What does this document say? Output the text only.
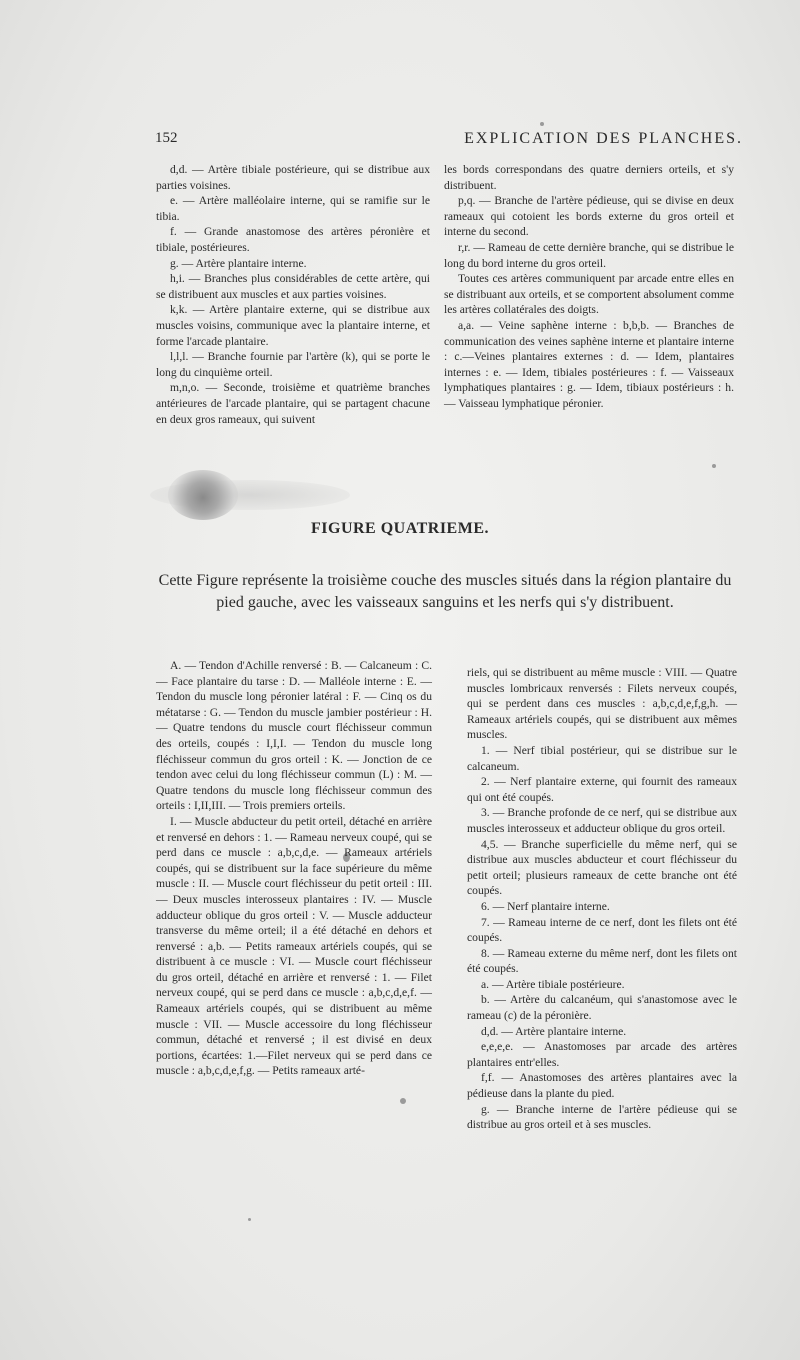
152	EXPLICATION DES PLANCHES.

d,d. — Artère tibiale postérieure, qui se distribue aux parties voisines.

e. — Artère malléolaire interne, qui se ramifie sur le tibia.

f. — Grande anastomose des artères péronière et tibiale, postérieures.

g. — Artère plantaire interne.

h,i. — Branches plus considérables de cette artère, qui se distribuent aux muscles et aux parties voisines.

k,k. — Artère plantaire externe, qui se distribue aux muscles voisins, communique avec la plantaire interne, et forme l'arcade plantaire.

l,l,l. — Branche fournie par l'artère (k), qui se porte le long du cinquième orteil.

m,n,o. — Seconde, troisième et quatrième branches antérieures de l'arcade plantaire, qui se partagent chacune en deux gros rameaux, qui suivent

les bords correspondans des quatre derniers orteils, et s'y distribuent.

p,q. — Branche de l'artère pédieuse, qui se divise en deux rameaux qui cotoient les bords externe du gros orteil et interne du second.

r,r. — Rameau de cette dernière branche, qui se distribue le long du bord interne du gros orteil.

Toutes ces artères communiquent par arcade entre elles en se distribuant aux orteils, et se comportent absolument comme les artères collatérales des doigts.

a,a. — Veine saphène interne : b,b,b. — Branches de communication des veines saphène interne et plantaire interne : c.—Veines plantaires externes : d. — Idem, plantaires internes : e. — Idem, tibiales postérieures : f. — Vaisseaux lymphatiques plantaires : g. — Idem, tibiaux postérieurs : h. — Vaisseau lymphatique péronier.

FIGURE QUATRIEME.
Cette Figure représente la troisième couche des muscles situés dans la région plantaire du pied gauche, avec les vaisseaux sanguins et les nerfs qui s'y distribuent.

A. — Tendon d'Achille renversé : B. — Calcaneum : C. — Face plantaire du tarse : D. — Malléole interne : E. — Tendon du muscle long péronier latéral : F. — Cinq os du métatarse : G. — Tendon du muscle jambier postérieur : H. — Quatre tendons du muscle court fléchisseur commun des orteils, coupés : I,I,I. — Tendon du muscle long fléchisseur commun du gros orteil : K. — Jonction de ce tendon avec celui du long fléchisseur commun (L) : M. — Quatre tendons du muscle long fléchisseur commun des orteils : I,II,III. — Trois premiers orteils.

I. — Muscle abducteur du petit orteil, détaché en arrière et renversé en dehors : 1. — Rameau nerveux coupé, qui se perd dans ce muscle : a,b,c,d,e. — Rameaux artériels coupés, qui se distribuent sur la face supérieure du même muscle : II. — Muscle court fléchisseur du petit orteil : III. — Deux muscles interosseux plantaires : IV. — Muscle adducteur oblique du gros orteil : V. — Muscle adducteur transverse du même orteil; il a été détaché en dehors et renversé : a,b. — Petits rameaux artériels coupés, qui se distribuent à ce muscle : VI. — Muscle court fléchisseur du gros orteil, détaché en arrière et renversé : 1. — Filet nerveux coupé, qui se perd dans ce muscle : a,b,c,d,e,f. — Rameaux artériels coupés, qui se distribuent au même muscle : VII. — Muscle accessoire du long fléchisseur commun, détaché et renversé ; il est divisé en deux portions, écartées: 1.—Filet nerveux qui se perd dans ce muscle : a,b,c,d,e,f,g. — Petits rameaux arté-

riels, qui se distribuent au même muscle : VIII. — Quatre muscles lombricaux renversés : Filets nerveux coupés, qui se perdent dans ces muscles : a,b,c,d,e,f,g,h. — Rameaux artériels coupés, qui se distribuent aux mêmes muscles.

1. — Nerf tibial postérieur, qui se distribue sur le calcaneum.

2. — Nerf plantaire externe, qui fournit des rameaux qui ont été coupés.

3. — Branche profonde de ce nerf, qui se distribue aux muscles interosseux et adducteur oblique du gros orteil.

4,5. — Branche superficielle du même nerf, qui se distribue aux muscles abducteur et court fléchisseur du petit orteil; plusieurs rameaux de cette branche ont été coupés.

6. — Nerf plantaire interne.

7. — Rameau interne de ce nerf, dont les filets ont été coupés.

8. — Rameau externe du même nerf, dont les filets ont été coupés.

a. — Artère tibiale postérieure.

b. — Artère du calcanéum, qui s'anastomose avec le rameau (c) de la péronière.

d,d. — Artère plantaire interne.

e,e,e,e. — Anastomoses par arcade des artères plantaires entr'elles.

f,f. — Anastomoses des artères plantaires avec la pédieuse dans la plante du pied.

g. — Branche interne de l'artère pédieuse qui se distribue au gros orteil et à ses muscles.
